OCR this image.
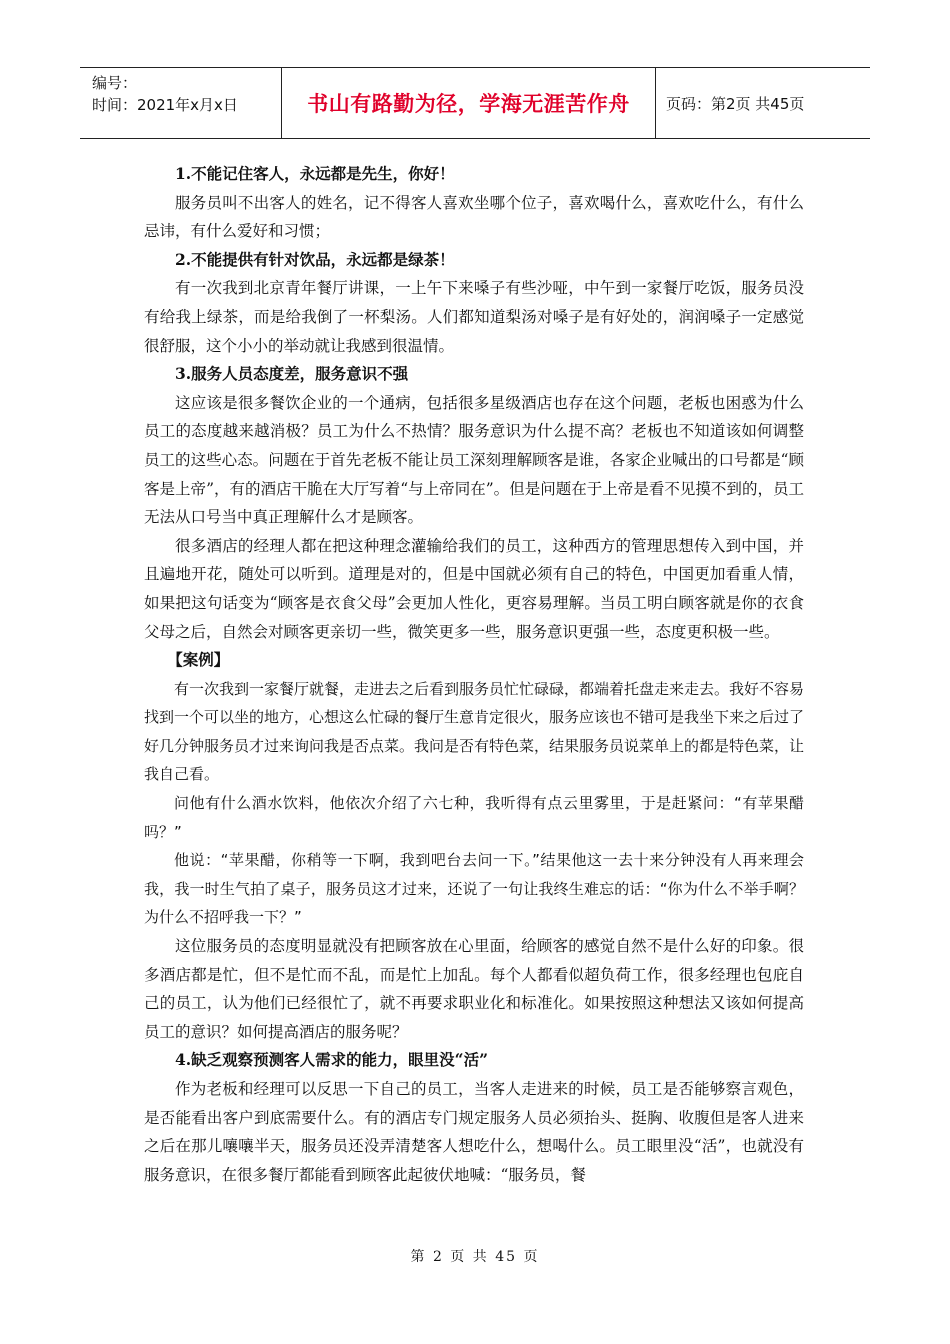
编号：
时间：2021年x月x日	书山有路勤为径，学海无涯苦作舟	页码：第2页 共45页

1.不能记住客人，永远都是先生，你好！

服务员叫不出客人的姓名，记不得客人喜欢坐哪个位子，喜欢喝什么，喜欢吃什么，有什么忌讳，有什么爱好和习惯；

2.不能提供有针对饮品，永远都是绿茶！

有一次我到北京青年餐厅讲课，一上午下来嗓子有些沙哑，中午到一家餐厅吃饭，服务员没有给我上绿茶，而是给我倒了一杯梨汤。人们都知道梨汤对嗓子是有好处的，润润嗓子一定感觉很舒服，这个小小的举动就让我感到很温情。

3.服务人员态度差，服务意识不强

这应该是很多餐饮企业的一个通病，包括很多星级酒店也存在这个问题，老板也困惑为什么员工的态度越来越消极？员工为什么不热情？服务意识为什么提不高？老板也不知道该如何调整员工的这些心态。问题在于首先老板不能让员工深刻理解顾客是谁，各家企业喊出的口号都是“顾客是上帝”，有的酒店干脆在大厅写着“与上帝同在”。但是问题在于上帝是看不见摸不到的，员工无法从口号当中真正理解什么才是顾客。

很多酒店的经理人都在把这种理念灌输给我们的员工，这种西方的管理思想传入到中国，并且遍地开花，随处可以听到。道理是对的，但是中国就必须有自己的特色，中国更加看重人情，如果把这句话变为“顾客是衣食父母”会更加人性化，更容易理解。当员工明白顾客就是你的衣食父母之后，自然会对顾客更亲切一些，微笑更多一些，服务意识更强一些，态度更积极一些。

【案例】

有一次我到一家餐厅就餐，走进去之后看到服务员忙忙碌碌，都端着托盘走来走去。我好不容易找到一个可以坐的地方，心想这么忙碌的餐厅生意肯定很火，服务应该也不错可是我坐下来之后过了好几分钟服务员才过来询问我是否点菜。我问是否有特色菜，结果服务员说菜单上的都是特色菜，让我自己看。

问他有什么酒水饮料，他依次介绍了六七种，我听得有点云里雾里，于是赶紧问：“有苹果醋吗？”

他说：“苹果醋，你稍等一下啊，我到吧台去问一下。”结果他这一去十来分钟没有人再来理会我，我一时生气拍了桌子，服务员这才过来，还说了一句让我终生难忘的话：“你为什么不举手啊？为什么不招呼我一下？”

这位服务员的态度明显就没有把顾客放在心里面，给顾客的感觉自然不是什么好的印象。很多酒店都是忙，但不是忙而不乱，而是忙上加乱。每个人都看似超负荷工作，很多经理也包庇自己的员工，认为他们已经很忙了，就不再要求职业化和标准化。如果按照这种想法又该如何提高员工的意识？如何提高酒店的服务呢？

4.缺乏观察预测客人需求的能力，眼里没“活”

作为老板和经理可以反思一下自己的员工，当客人走进来的时候，员工是否能够察言观色，是否能看出客户到底需要什么。有的酒店专门规定服务人员必须抬头、挺胸、收腹但是客人进来之后在那儿嚷嚷半天，服务员还没弄清楚客人想吃什么，想喝什么。员工眼里没“活”，也就没有服务意识，在很多餐厅都能看到顾客此起彼伏地喊：“服务员，餐

第 2 页 共 45 页
